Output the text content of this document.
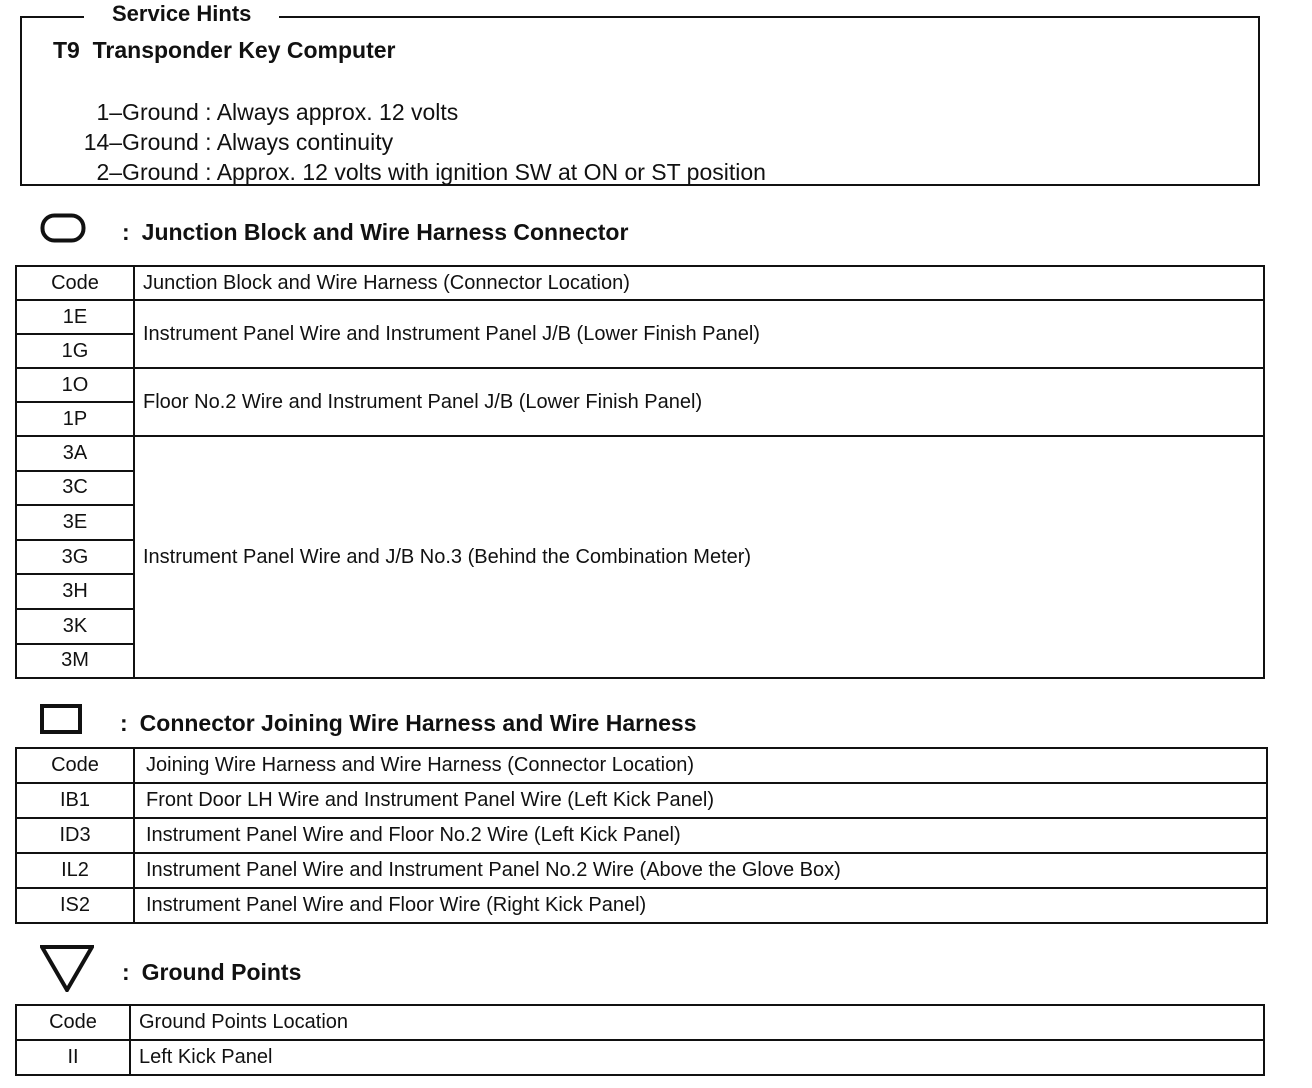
Service Hints
T9  Transponder Key Computer

1–Ground : Always approx. 12 volts

14–Ground : Always continuity

2–Ground : Approx. 12 volts with ignition SW at ON or ST position

: Junction Block and Wire Harness Connector
Code	Junction Block and Wire Harness (Connector Location)
1E	Instrument Panel Wire and Instrument Panel J/B (Lower Finish Panel)
1G	
1O	Floor No.2 Wire and Instrument Panel J/B (Lower Finish Panel)
1P	
3A	Instrument Panel Wire and J/B No.3 (Behind the Combination Meter)
3C	
3E	
3G	
3H	
3K	
3M	
: Connector Joining Wire Harness and Wire Harness
Code	Joining Wire Harness and Wire Harness (Connector Location)
IB1	Front Door LH Wire and Instrument Panel Wire (Left Kick Panel)
ID3	Instrument Panel Wire and Floor No.2 Wire (Left Kick Panel)
IL2	Instrument Panel Wire and Instrument Panel No.2 Wire (Above the Glove Box)
IS2	Instrument Panel Wire and Floor Wire (Right Kick Panel)
: Ground Points
Code	Ground Points Location
II	Left Kick Panel
